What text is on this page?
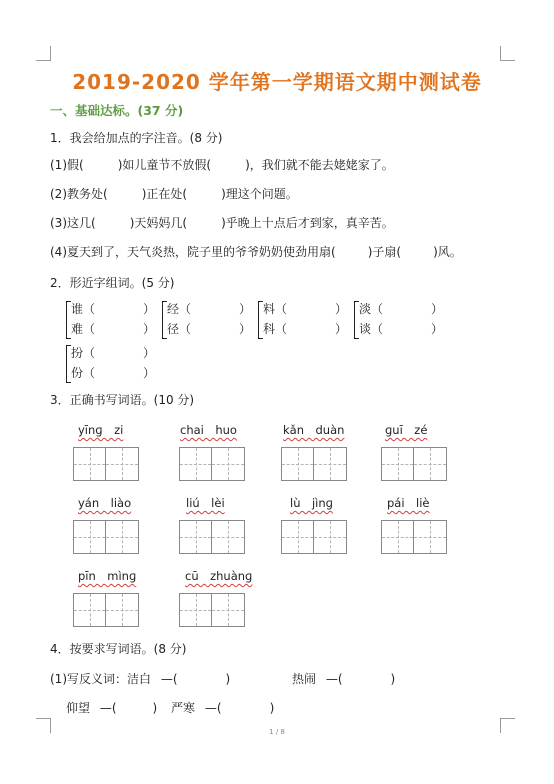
2019-2020 学年第一学期语文期中测试卷
一、基础达标。(37 分)
1．我会给加点的字注音。(8 分)
(1)假(	)如儿童节不放假(	)，我们就不能去姥姥家了。
(2)教务处(	)正在处(	)理这个问题。
(3)这几(	)天妈妈几(	)乎晚上十点后才到家，真辛苦。
(4)夏天到了，天气炎热，院子里的爷爷奶奶使劲用扇(	)子扇(	)风。
2．形近字组词。(5 分)
谁（　　　　）
难（　　　　）
经（　　　　）
径（　　　　）
料（　　　　）
科（　　　　）
淡（　　　　）
谈（　　　　）
扮（　　　　）
份（　　　　）
3．正确书写词语。(10 分)
yīnɡ　zi	chai　huo	kǎn　duàn	ɡuī　zé
yán　liào	liú　lèi	lù　jìnɡ	pái　liè
pīn　mìnɡ	cū　zhuànɡ
4．按要求写词语。(8 分)
(1)写反义词：洁白 —(　　　　)	热闹 —(　　　　)
仰望 —(　　　) 严寒 —(　　　　)
1 / 8
